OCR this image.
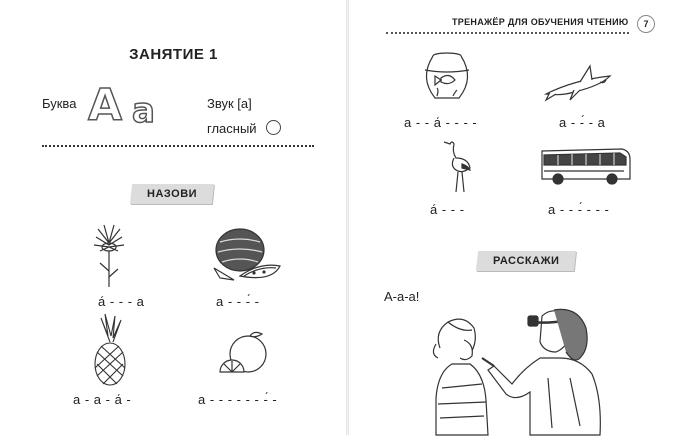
ЗАНЯТИЕ 1
Буква А а	Звук [а]
гласный
НАЗОВИ
а́ - - - а	а - - -́ -
а - а - а́ -	а - - - - - - -́ -
ТРЕНАЖЁР ДЛЯ ОБУЧЕНИЯ ЧТЕНИЮ	7
а - - а́ - - - -	а - -́ - а
а́ - - -	а - - -́ - - -
РАССКАЖИ
А-а-а!
